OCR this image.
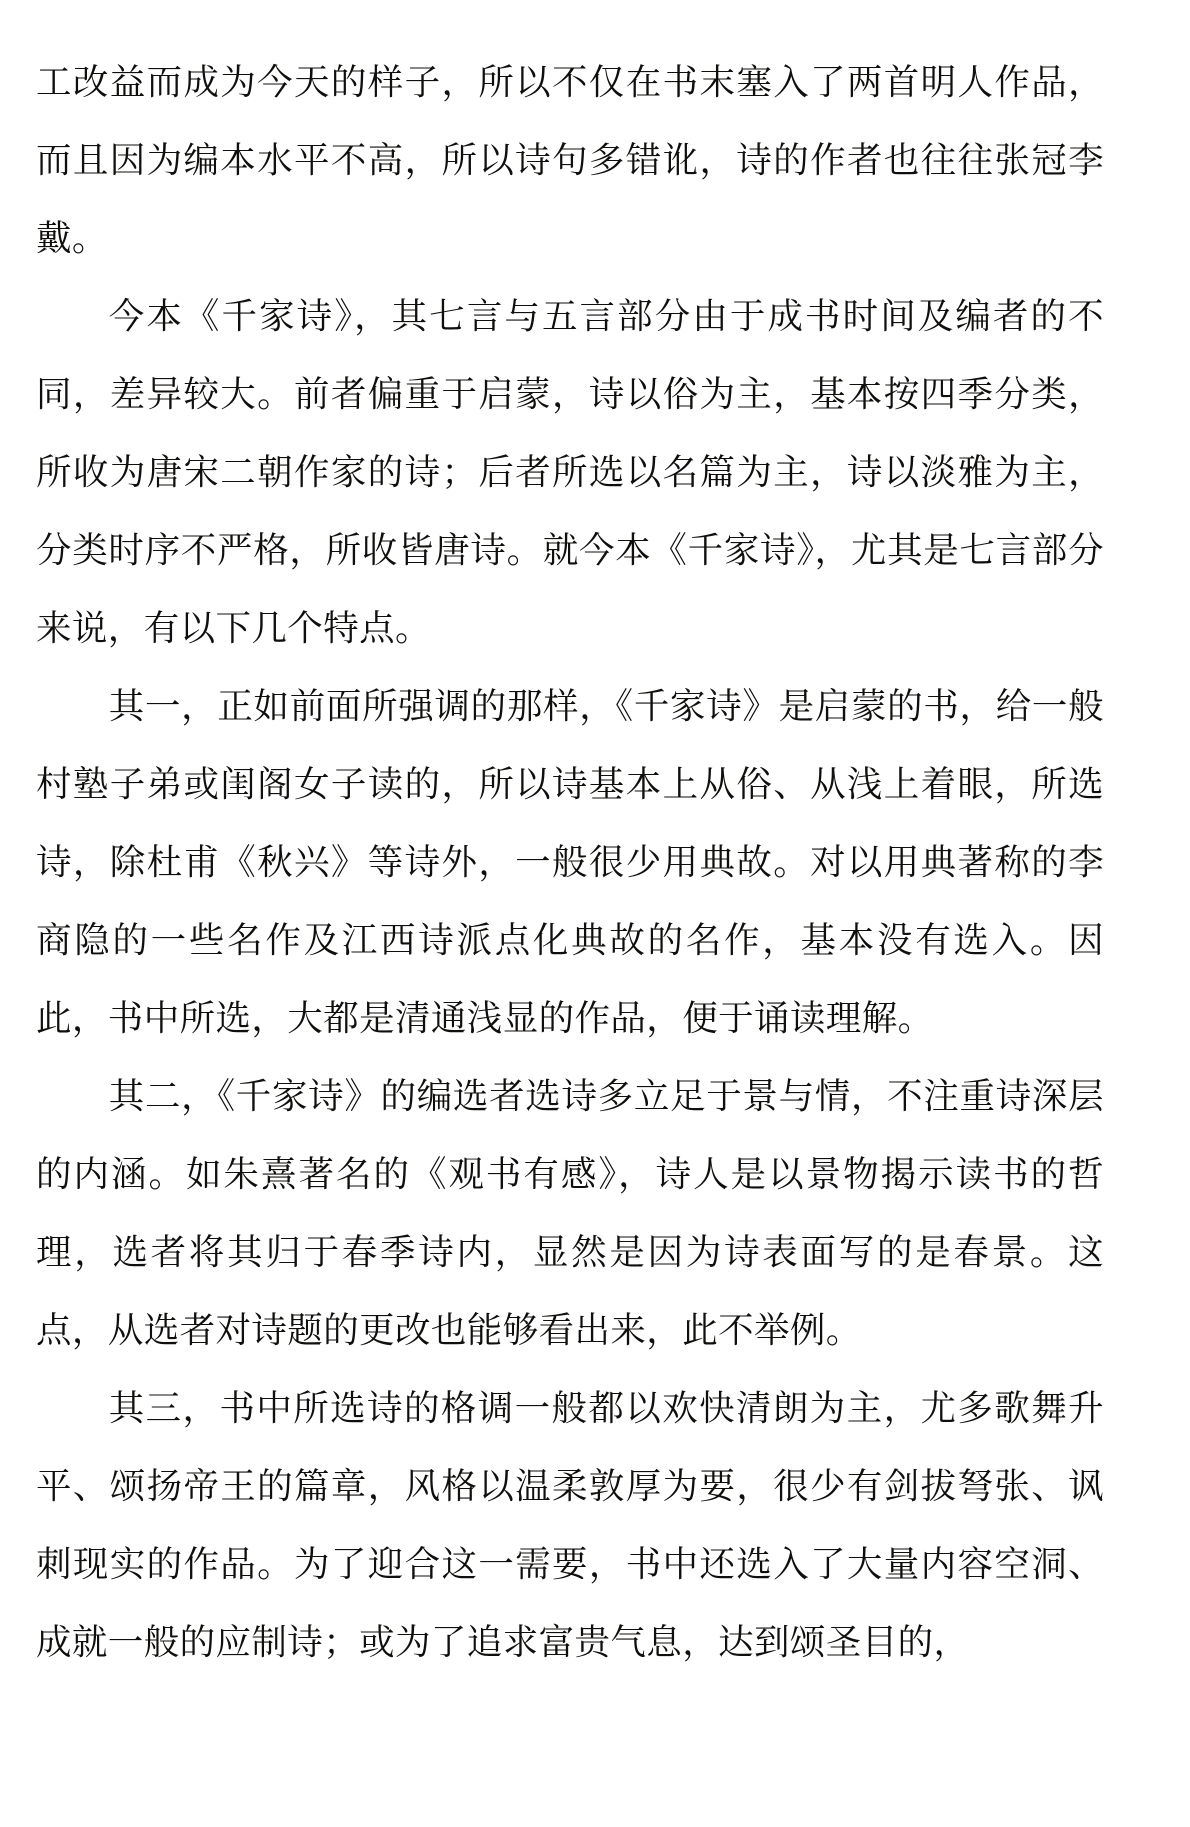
工改益而成为今天的样子，所以不仅在书末塞入了两首明人作品，而且因为编本水平不高，所以诗句多错讹，诗的作者也往往张冠李戴。

今本《千家诗》，其七言与五言部分由于成书时间及编者的不同，差异较大。前者偏重于启蒙，诗以俗为主，基本按四季分类，所收为唐宋二朝作家的诗；后者所选以名篇为主，诗以淡雅为主，分类时序不严格，所收皆唐诗。就今本《千家诗》，尤其是七言部分来说，有以下几个特点。

其一，正如前面所强调的那样，《千家诗》是启蒙的书，给一般村塾子弟或闺阁女子读的，所以诗基本上从俗、从浅上着眼，所选诗，除杜甫《秋兴》等诗外，一般很少用典故。对以用典著称的李商隐的一些名作及江西诗派点化典故的名作，基本没有选入。因此，书中所选，大都是清通浅显的作品，便于诵读理解。

其二，《千家诗》的编选者选诗多立足于景与情，不注重诗深层的内涵。如朱熹著名的《观书有感》，诗人是以景物揭示读书的哲理，选者将其归于春季诗内，显然是因为诗表面写的是春景。这点，从选者对诗题的更改也能够看出来，此不举例。

其三，书中所选诗的格调一般都以欢快清朗为主，尤多歌舞升平、颂扬帝王的篇章，风格以温柔敦厚为要，很少有剑拔弩张、讽刺现实的作品。为了迎合这一需要，书中还选入了大量内容空洞、成就一般的应制诗；或为了追求富贵气息，达到颂圣目的，
